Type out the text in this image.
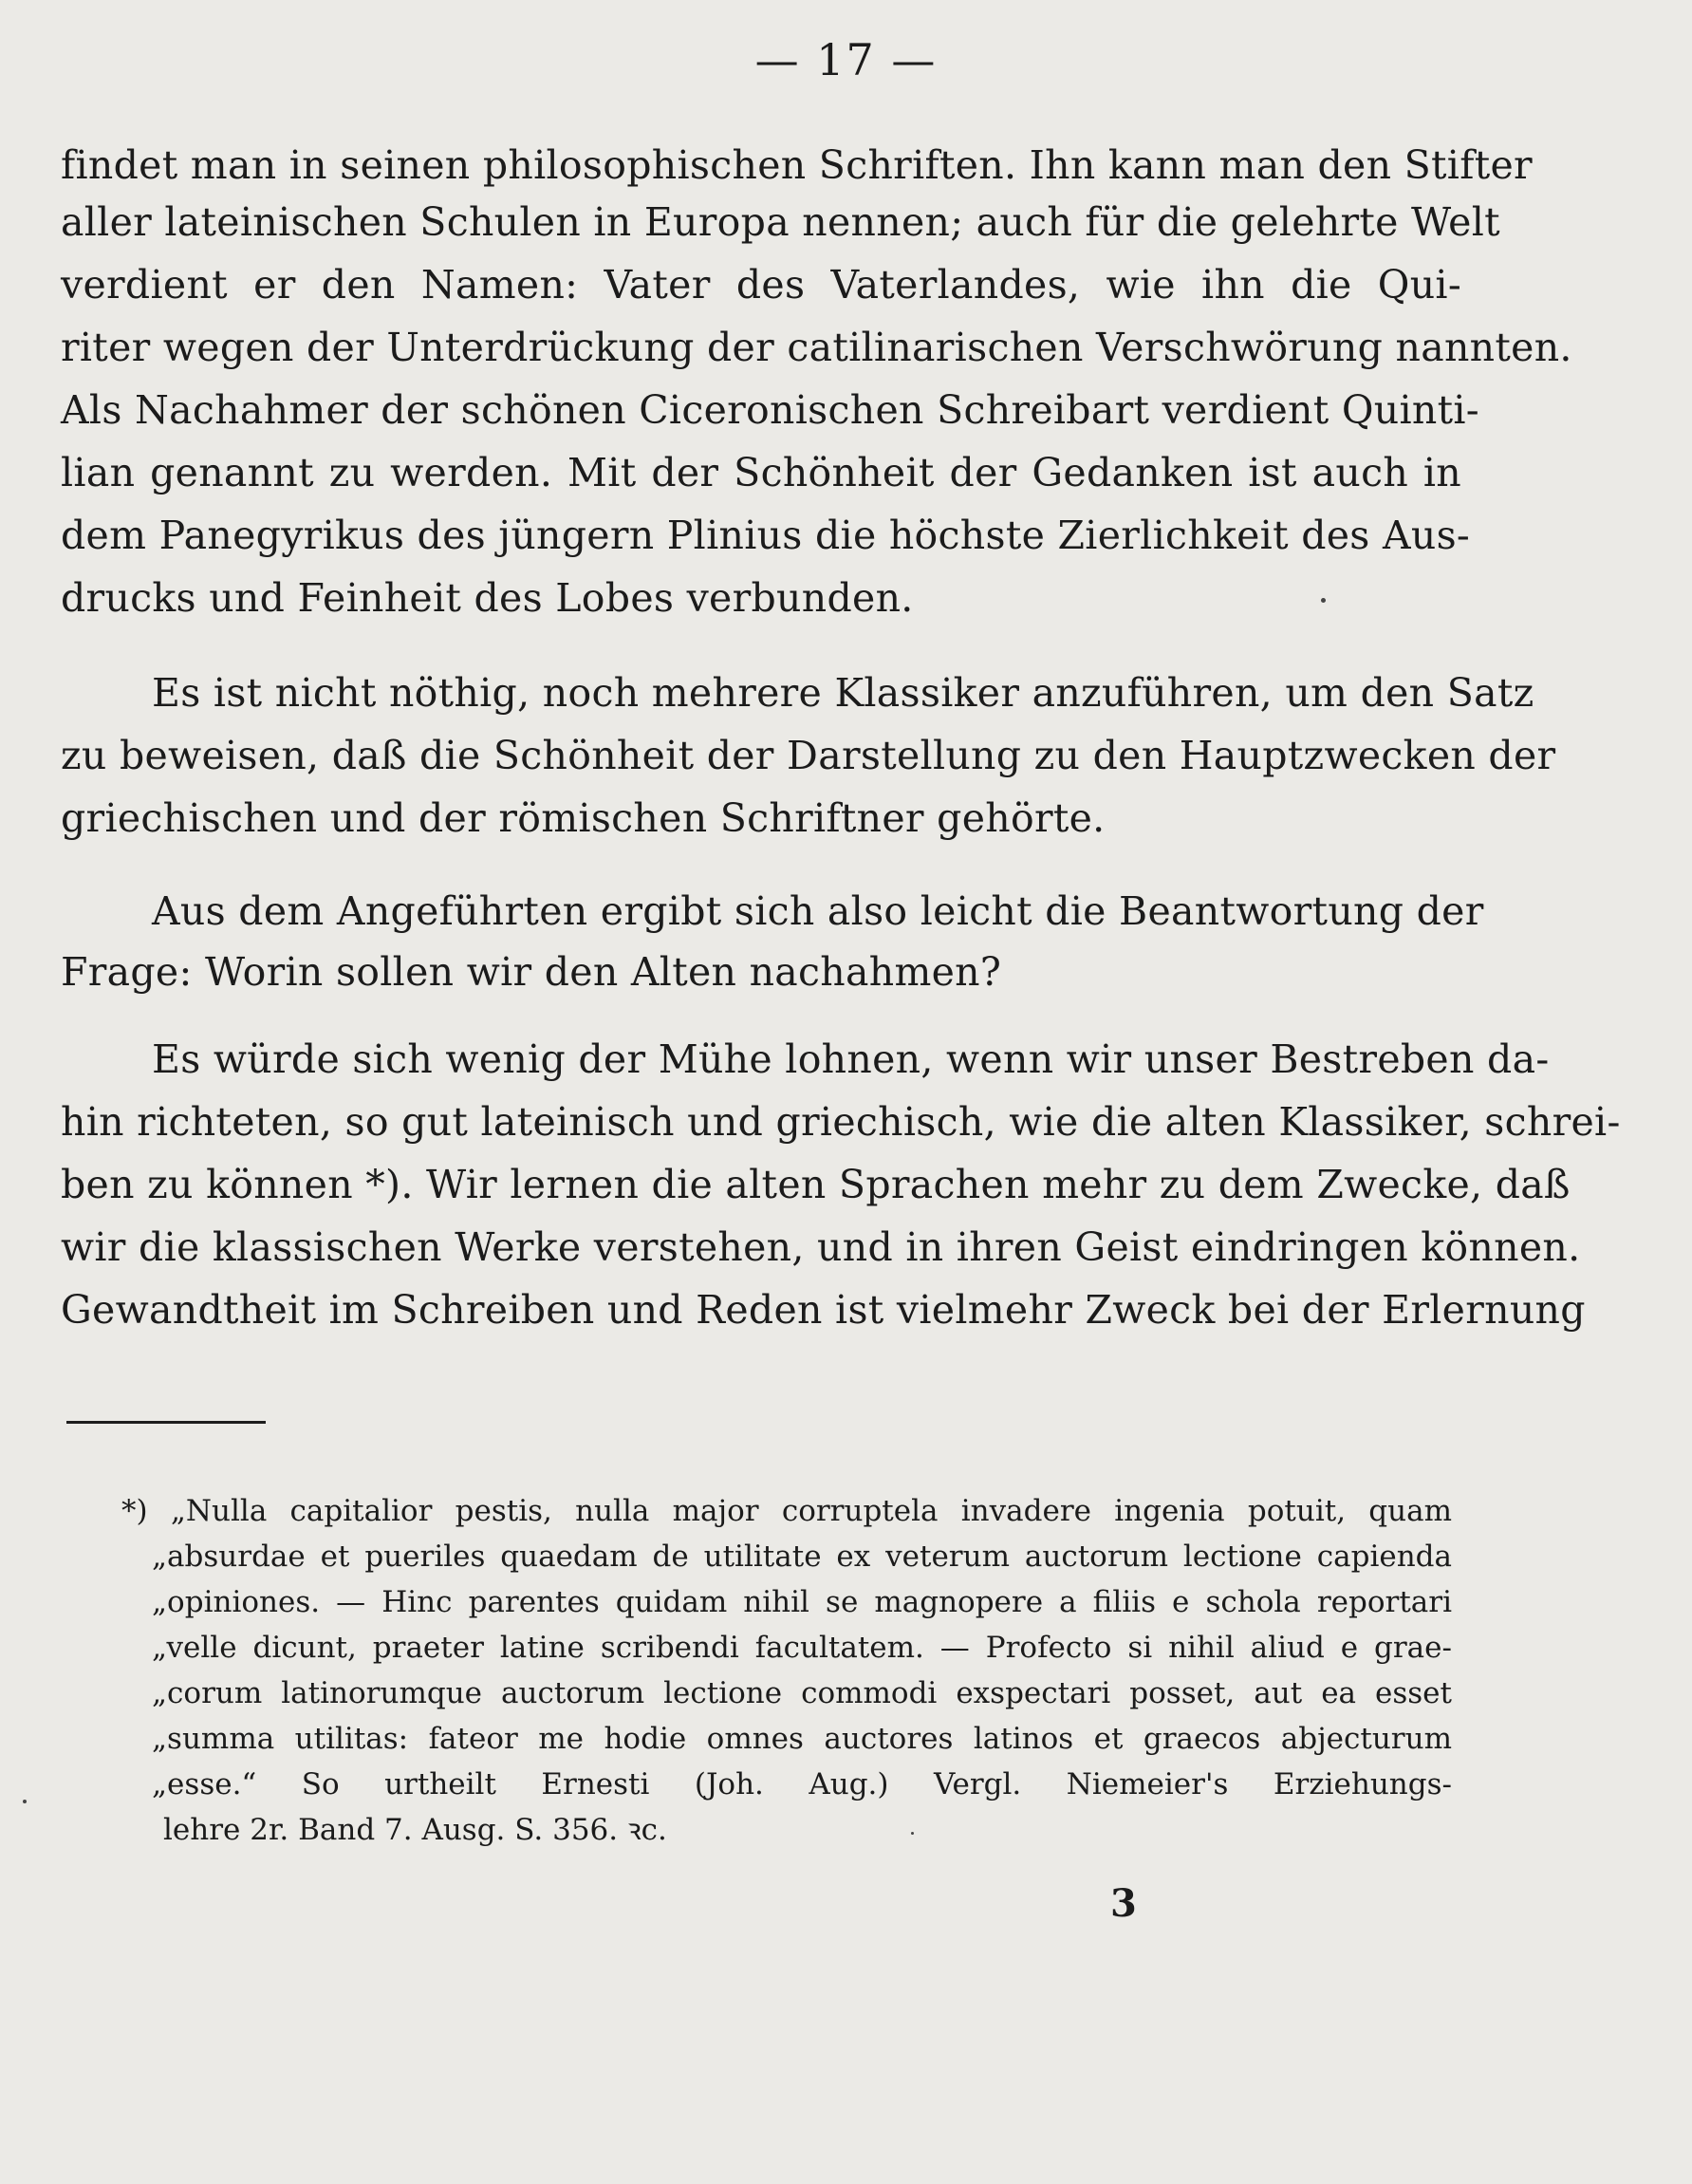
— 17 —
findet man in seinen philosophischen Schriften. Ihn kann man den Stifter
aller lateinischen Schulen in Europa nennen; auch für die gelehrte Welt
verdient er den Namen: Vater des Vaterlandes, wie ihn die Qui-
riter wegen der Unterdrückung der catilinarischen Verschwörung nannten.
Als Nachahmer der schönen Ciceronischen Schreibart verdient Quinti-
lian genannt zu werden. Mit der Schönheit der Gedanken ist auch in
dem Panegyrikus des jüngern Plinius die höchste Zierlichkeit des Aus-
drucks und Feinheit des Lobes verbunden.
Es ist nicht nöthig, noch mehrere Klassiker anzuführen, um den Satz
zu beweisen, daß die Schönheit der Darstellung zu den Hauptzwecken der
griechischen und der römischen Schriftner gehörte.
Aus dem Angeführten ergibt sich also leicht die Beantwortung der
Frage: Worin sollen wir den Alten nachahmen?
Es würde sich wenig der Mühe lohnen, wenn wir unser Bestreben da-
hin richteten, so gut lateinisch und griechisch, wie die alten Klassiker, schrei-
ben zu können *). Wir lernen die alten Sprachen mehr zu dem Zwecke, daß
wir die klassischen Werke verstehen, und in ihren Geist eindringen können.
Gewandtheit im Schreiben und Reden ist vielmehr Zweck bei der Erlernung
*) „Nulla capitalior pestis, nulla major corruptela invadere ingenia potuit, quam
„absurdae et pueriles quaedam de utilitate ex veterum auctorum lectione capienda
„opiniones. — Hinc parentes quidam nihil se magnopere a filiis e schola reportari
„velle dicunt, praeter latine scribendi facultatem. — Profecto si nihil aliud e grae-
„corum latinorumque auctorum lectione commodi exspectari posset, aut ea esset
„summa utilitas: fateor me hodie omnes auctores latinos et graecos abjecturum
„esse.“ So urtheilt Ernesti (Joh. Aug.) Vergl. Niemeier's Erziehungs-
lehre 2r. Band 7. Ausg. S. 356. ꝛc.
3
